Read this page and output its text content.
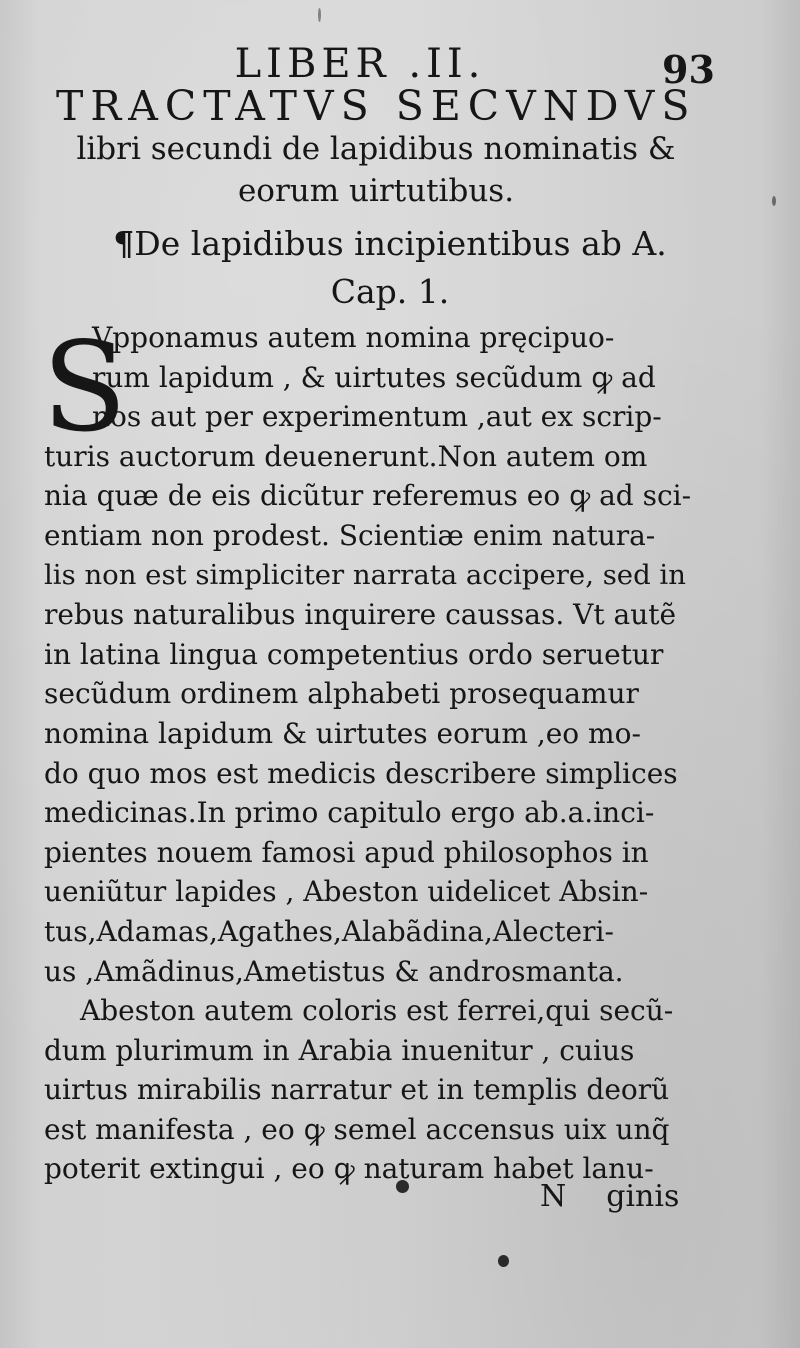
LIBER .II.	93
TRACTATVS SECVNDVS
libri secundi de lapidibus nominatis &
eorum uirtutibus.
¶De lapidibus incipientibus ab A.
Cap. 1.
S
Vpponamus autem nomina pręcipuo-
rum lapidum , & uirtutes secũdum ꝙ ad
nos aut per experimentum ,aut ex scrip-
turis auctorum deuenerunt.Non autem om
nia quæ de eis dicũtur referemus eo ꝙ ad sci-
entiam non prodest. Scientiæ enim natura-
lis non est simpliciter narrata accipere, sed in
rebus naturalibus inquirere caussas. Vt autẽ
in latina lingua competentius ordo seruetur
secũdum ordinem alphabeti prosequamur
nomina lapidum & uirtutes eorum ,eo mo-
do quo mos est medicis describere simplices
medicinas.In primo capitulo ergo ab.a.inci-
pientes nouem famosi apud philosophos in
ueniũtur lapides , Abeston uidelicet Absin-
tus,Adamas,Agathes,Alabãdina,Alecteri-
us ,Amãdinus,Ametistus & androsmanta.
Abeston autem coloris est ferrei,qui secũ-
dum plurimum in Arabia inuenitur , cuius
uirtus mirabilis narratur et in templis deorũ
est manifesta , eo ꝙ semel accensus uix unq̃
poterit extingui , eo ꝙ naturam habet lanu-
N ginis
